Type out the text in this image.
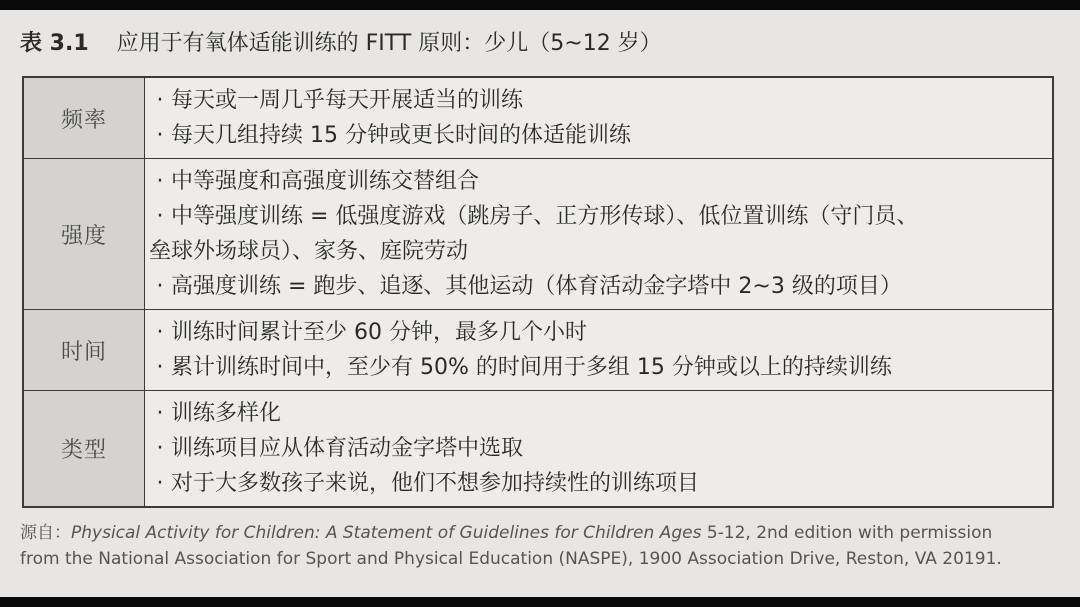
表 3.1 应用于有氧体适能训练的 FITT 原则：少儿（5~12 岁）
频率	· 每天或一周几乎每天开展适当的训练
· 每天几组持续 15 分钟或更长时间的体适能训练

强度	· 中等强度和高强度训练交替组合
· 中等强度训练 = 低强度游戏（跳房子、正方形传球）、低位置训练（守门员、
垒球外场球员）、家务、庭院劳动
· 高强度训练 = 跑步、追逐、其他运动（体育活动金字塔中 2~3 级的项目）

时间	· 训练时间累计至少 60 分钟，最多几个小时
· 累计训练时间中，至少有 50% 的时间用于多组 15 分钟或以上的持续训练

类型	· 训练多样化
· 训练项目应从体育活动金字塔中选取
· 对于大多数孩子来说，他们不想参加持续性的训练项目

源自：Physical Activity for Children: A Statement of Guidelines for Children Ages 5-12, 2nd edition with permission

from the National Association for Sport and Physical Education (NASPE), 1900 Association Drive, Reston, VA 20191.
